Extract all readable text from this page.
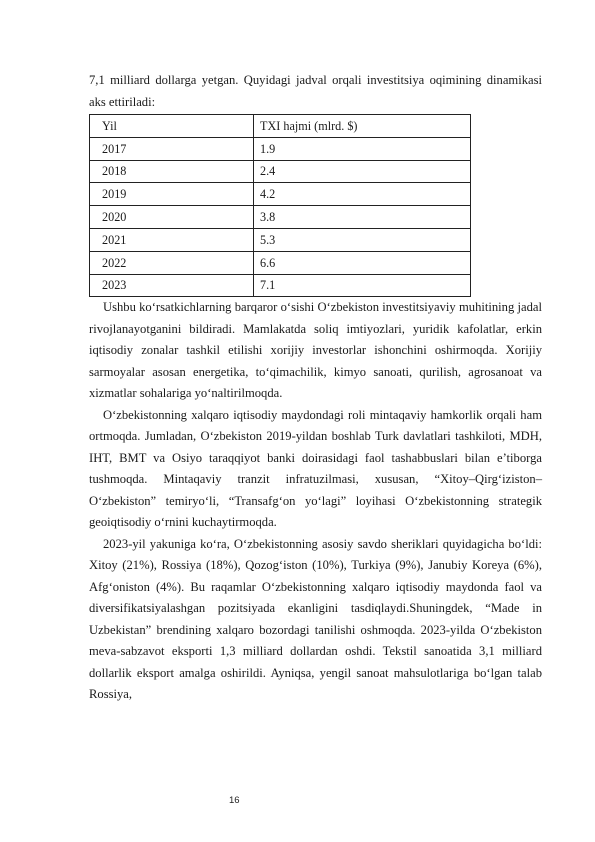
7,1 milliard dollarga yetgan. Quyidagi jadval orqali investitsiya oqimining dinamikasi aks ettiriladi:

Yil	TXI hajmi (mlrd. $)
2017	1.9
2018	2.4
2019	4.2
2020	3.8
2021	5.3
2022	6.6
2023	7.1

Ushbu ko‘rsatkichlarning barqaror o‘sishi O‘zbekiston investitsiyaviy muhitining jadal rivojlanayotganini bildiradi. Mamlakatda soliq imtiyozlari, yuridik kafolatlar, erkin iqtisodiy zonalar tashkil etilishi xorijiy investorlar ishonchini oshirmoqda. Xorijiy sarmoyalar asosan energetika, to‘qimachilik, kimyo sanoati, qurilish, agrosanoat va xizmatlar sohalariga yo‘naltirilmoqda.

O‘zbekistonning xalqaro iqtisodiy maydondagi roli mintaqaviy hamkorlik orqali ham ortmoqda. Jumladan, O‘zbekiston 2019-yildan boshlab Turk davlatlari tashkiloti, MDH, IHT, BMT va Osiyo taraqqiyot banki doirasidagi faol tashabbuslari bilan e’tiborga tushmoqda. Mintaqaviy tranzit infratuzilmasi, xususan, “Xitoy–Qirg‘iziston–O‘zbekiston” temiryo‘li, “Transafg‘on yo‘lagi” loyihasi O‘zbekistonning strategik geoiqtisodiy o‘rnini kuchaytirmoqda.

2023-yil yakuniga ko‘ra, O‘zbekistonning asosiy savdo sheriklari quyidagicha bo‘ldi: Xitoy (21%), Rossiya (18%), Qozog‘iston (10%), Turkiya (9%), Janubiy Koreya (6%), Afg‘oniston (4%). Bu raqamlar O‘zbekistonning xalqaro iqtisodiy maydonda faol va diversifikatsiyalashgan pozitsiyada ekanligini tasdiqlaydi.Shuningdek, “Made in Uzbekistan” brendining xalqaro bozordagi tanilishi oshmoqda. 2023-yilda O‘zbekiston meva-sabzavot eksporti 1,3 milliard dollardan oshdi. Tekstil sanoatida 3,1 milliard dollarlik eksport amalga oshirildi. Ayniqsa, yengil sanoat mahsulotlariga bo‘lgan talab Rossiya,

16
